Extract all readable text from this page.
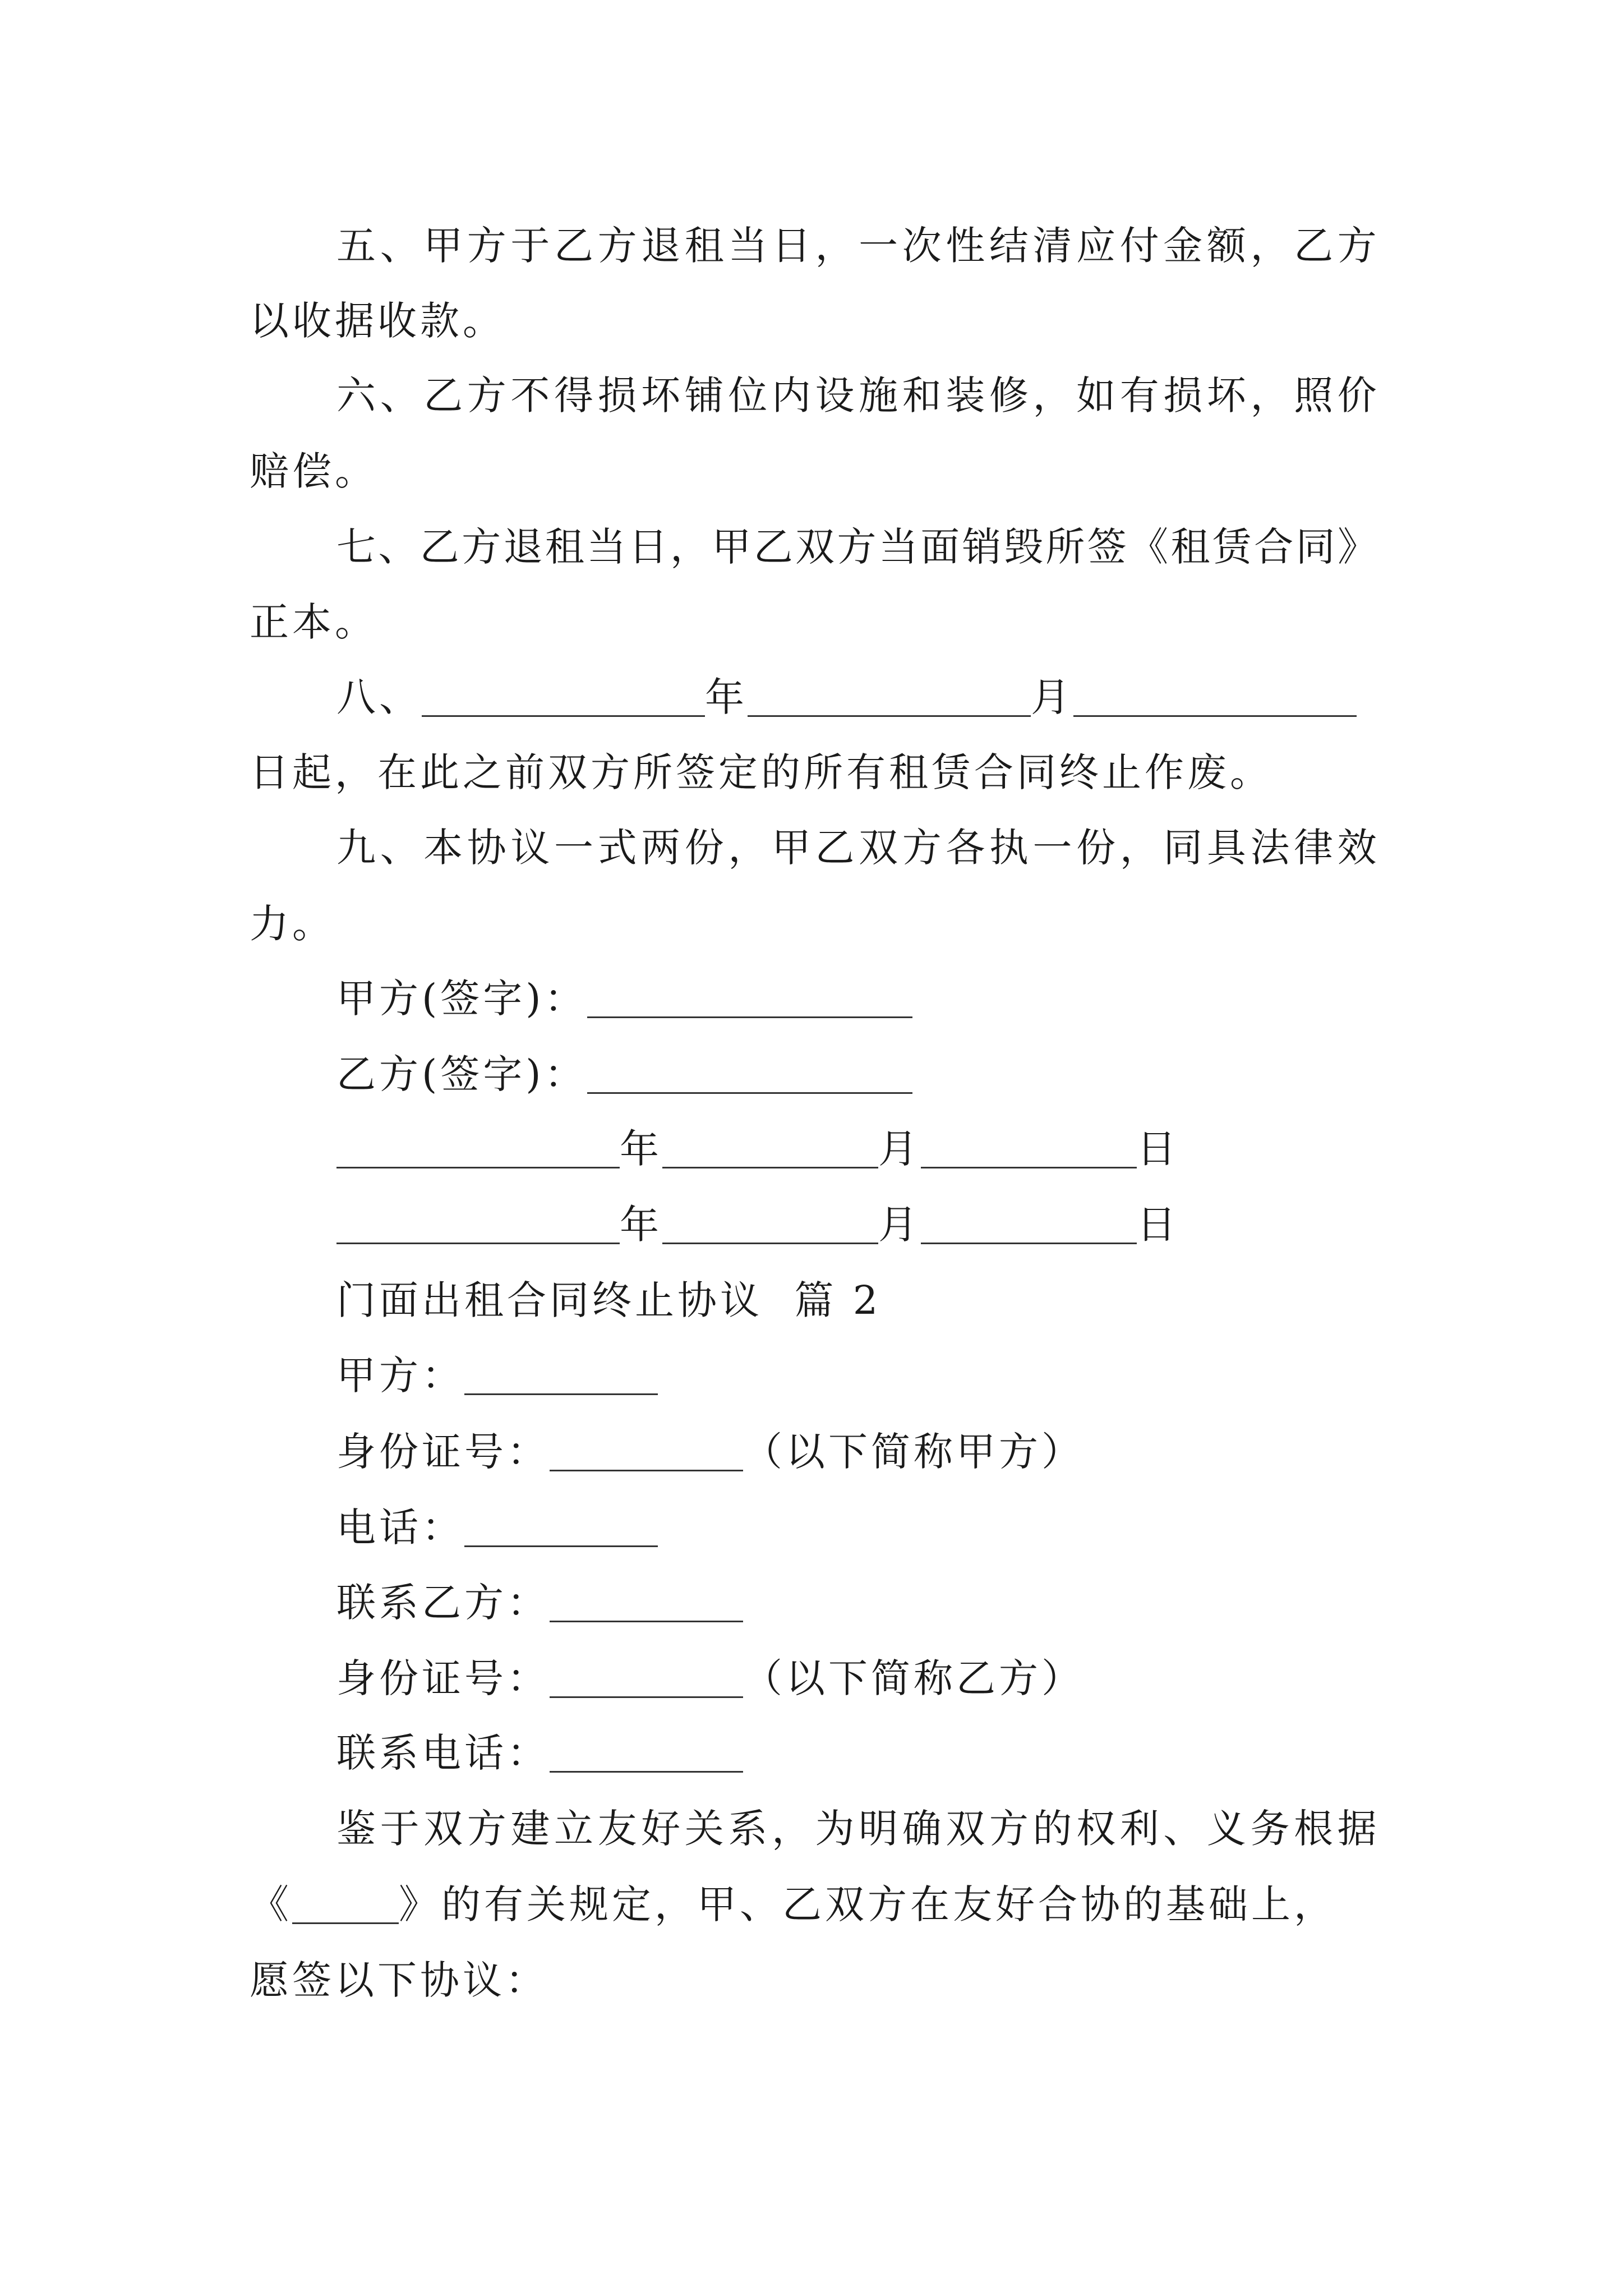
五 、 甲 方 于 乙 方 退 租 当 日 ， 一 次 性 结 清 应 付 金 额 ， 乙 方
以收据收款。
六 、 乙 方 不 得 损 坏 铺 位 内 设 施 和 装 修 ， 如 有 损 坏 ， 照 价
赔偿。
七 、 乙 方 退 租 当 日 ， 甲 乙 双 方 当 面 销 毁 所 签 《 租 赁 合 同 》
正本。
八、	年	月
日起，在此之前双方所签定的所有租赁合同终止作废。
九 、 本 协 议 一 式 两 份 ， 甲 乙 双 方 各 执 一 份 ， 同 具 法 律 效
力。
甲方(签字)：
乙方(签字)：
年	月	日
年	月	日
门面出租合同终止协议  篇 2
甲方：
身份证号：	（以下简称甲方）
电话：
联系乙方：
身份证号：	（以下简称乙方）
联系电话：
鉴 于 双 方 建 立 友 好 关 系 ， 为 明 确 双 方 的 权 利 、 义 务 根 据
《	》的有关规定，甲、乙双方在友好合协的基础上，
愿签以下协议：
